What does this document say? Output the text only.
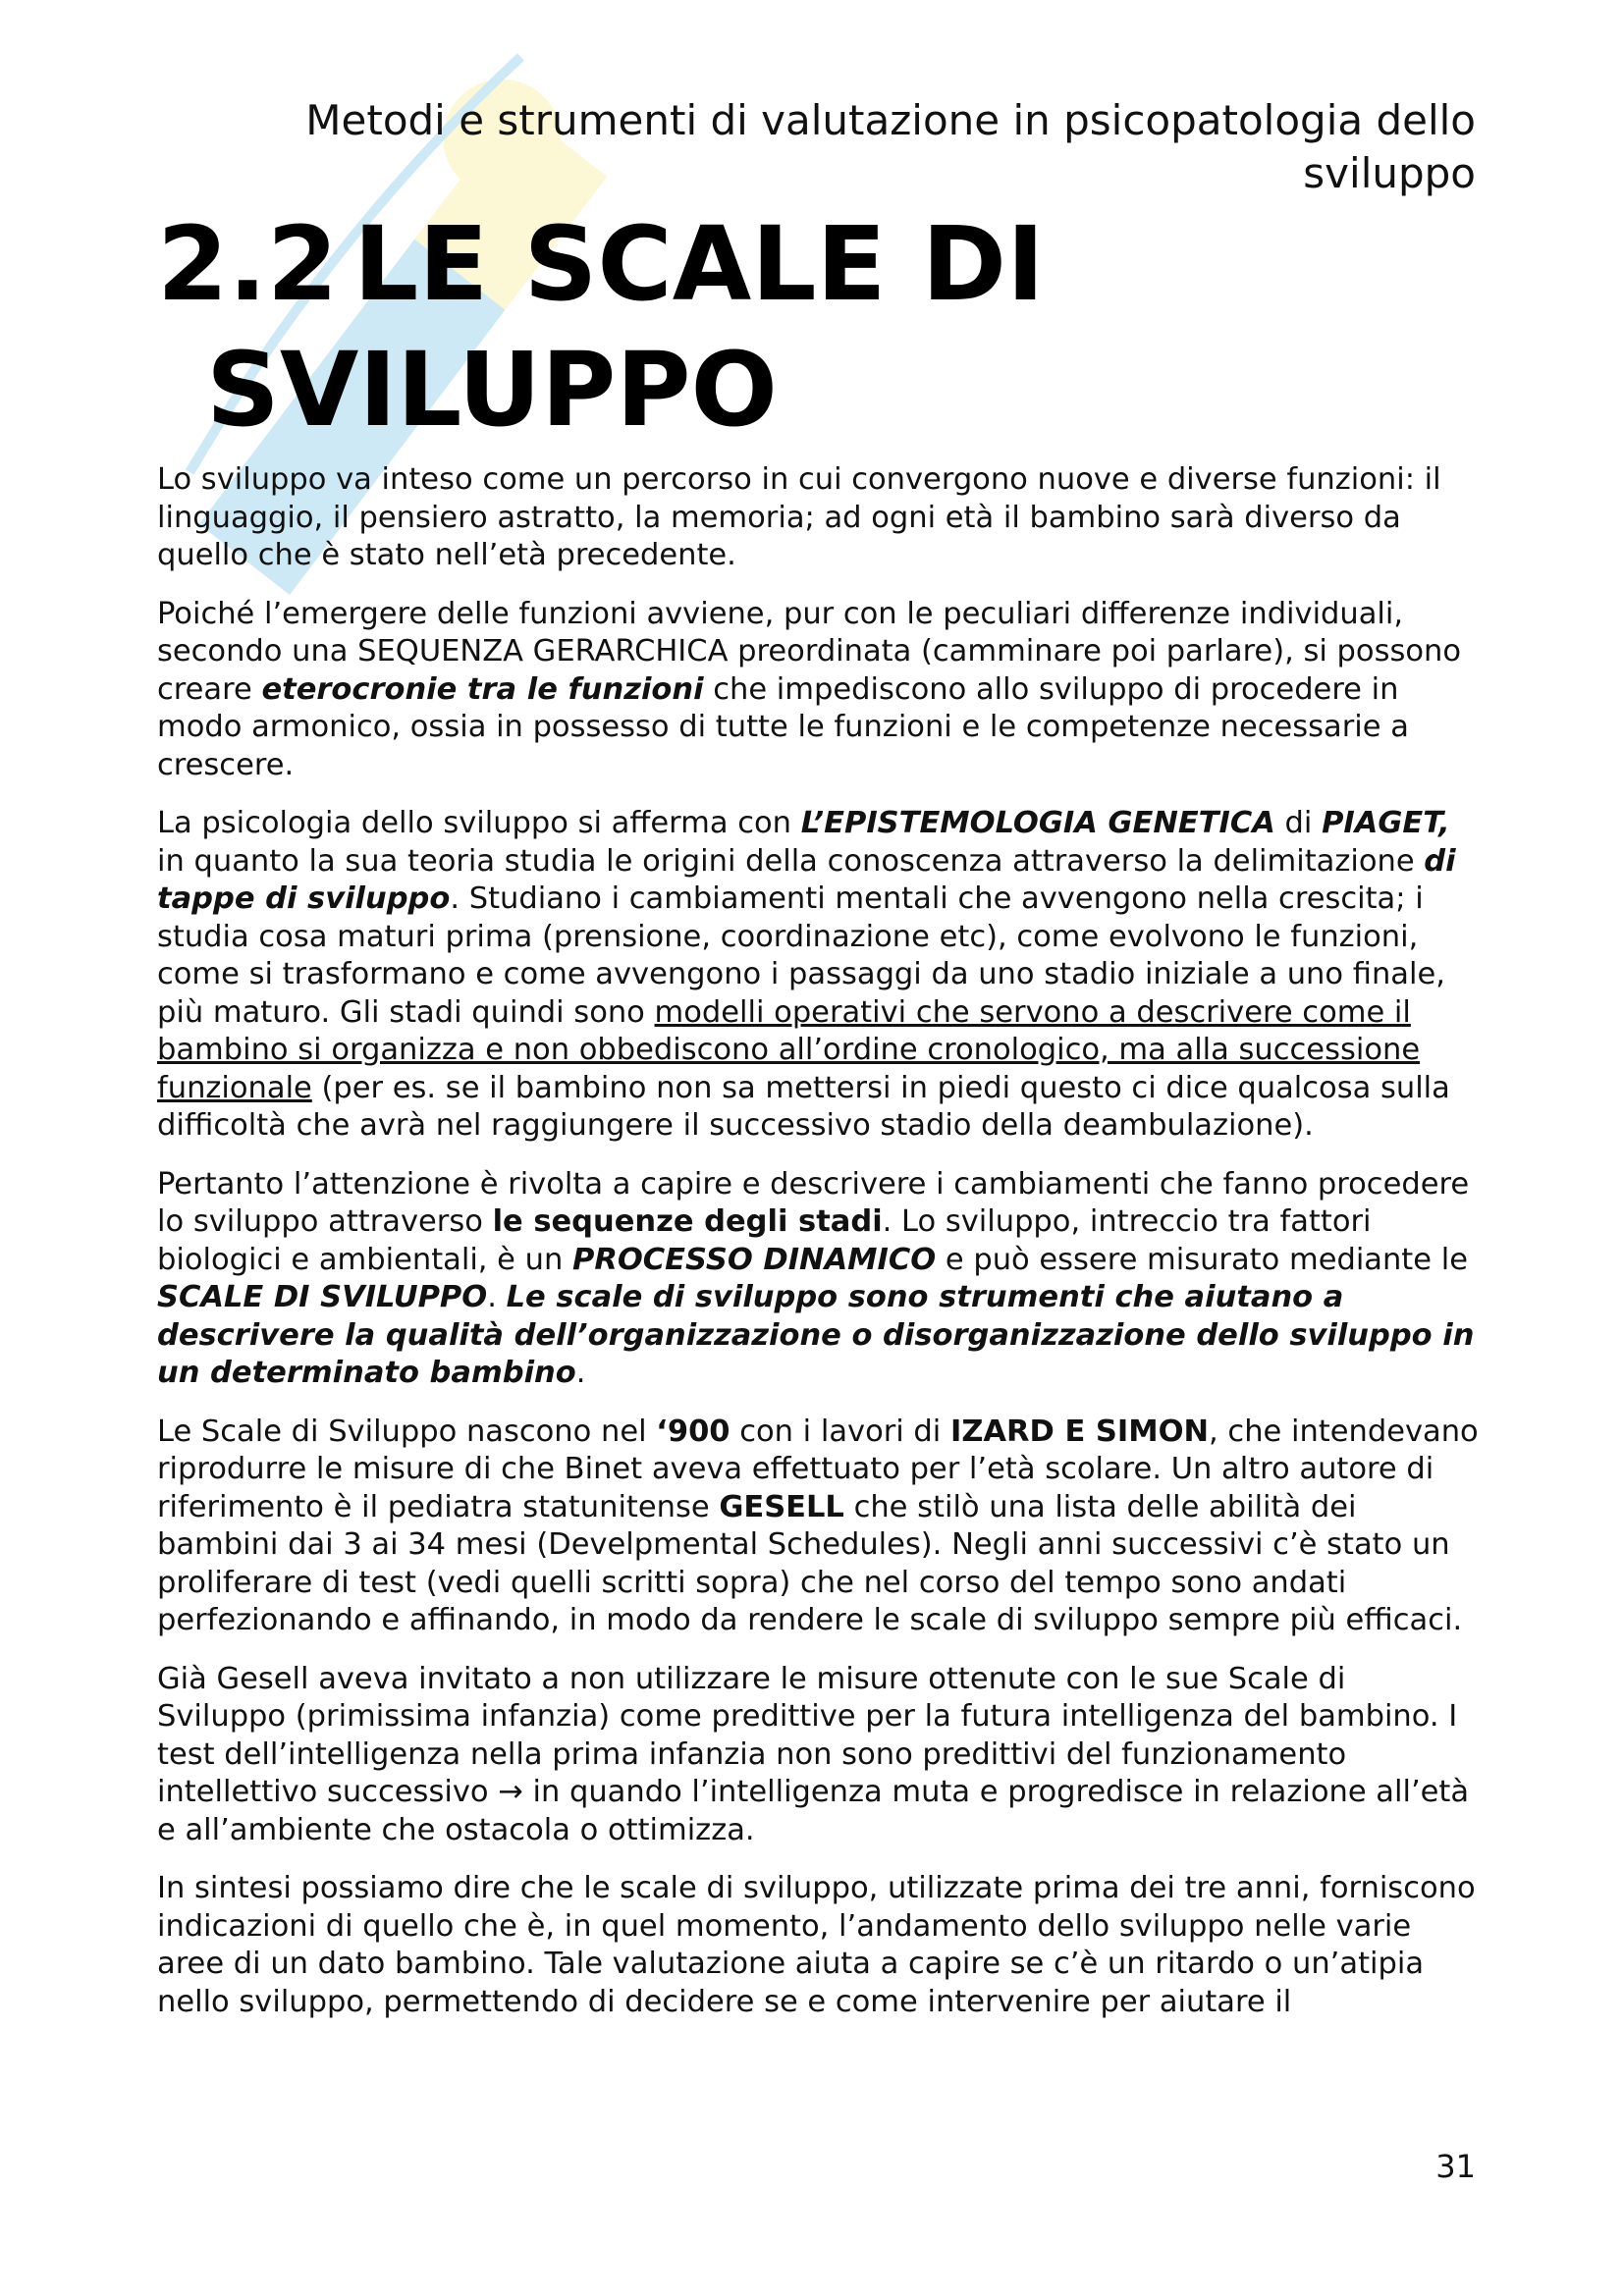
Metodi e strumenti di valutazione in psicopatologia dello
sviluppo
2.2 LE SCALE DI
SVILUPPO

Lo sviluppo va inteso come un percorso in cui convergono nuove e diverse funzioni: il linguaggio, il pensiero astratto, la memoria; ad ogni età il bambino sarà diverso da quello che è stato nell’età precedente.

Poiché l’emergere delle funzioni avviene, pur con le peculiari differenze individuali, secondo una SEQUENZA GERARCHICA preordinata (camminare poi parlare), si possono creare eterocronie tra le funzioni che impediscono allo sviluppo di procedere in modo armonico, ossia in possesso di tutte le funzioni e le competenze necessarie a crescere.

La psicologia dello sviluppo si afferma con L’EPISTEMOLOGIA GENETICA di PIAGET, in quanto la sua teoria studia le origini della conoscenza attraverso la delimitazione di tappe di sviluppo. Studiano i cambiamenti mentali che avvengono nella crescita; i studia cosa maturi prima (prensione, coordinazione etc), come evolvono le funzioni, come si trasformano e come avvengono i passaggi da uno stadio iniziale a uno finale, più maturo. Gli stadi quindi sono modelli operativi che servono a descrivere come il bambino si organizza e non obbediscono all’ordine cronologico, ma alla successione funzionale (per es. se il bambino non sa mettersi in piedi questo ci dice qualcosa sulla difficoltà che avrà nel raggiungere il successivo stadio della deambulazione).

Pertanto l’attenzione è rivolta a capire e descrivere i cambiamenti che fanno procedere lo sviluppo attraverso le sequenze degli stadi. Lo sviluppo, intreccio tra fattori biologici e ambientali, è un PROCESSO DINAMICO e può essere misurato mediante le SCALE DI SVILUPPO. Le scale di sviluppo sono strumenti che aiutano a descrivere la qualità dell’organizzazione o disorganizzazione dello sviluppo in un determinato bambino.

Le Scale di Sviluppo nascono nel ‘900 con i lavori di IZARD E SIMON, che intendevano riprodurre le misure di che Binet aveva effettuato per l’età scolare. Un altro autore di riferimento è il pediatra statunitense GESELL che stilò una lista delle abilità dei bambini dai 3 ai 34 mesi (Develpmental Schedules). Negli anni successivi c’è stato un proliferare di test (vedi quelli scritti sopra) che nel corso del tempo sono andati perfezionando e affinando, in modo da rendere le scale di sviluppo sempre più efficaci.

Già Gesell aveva invitato a non utilizzare le misure ottenute con le sue Scale di Sviluppo (primissima infanzia) come predittive per la futura intelligenza del bambino. I test dell’intelligenza nella prima infanzia non sono predittivi del funzionamento intellettivo successivo → in quando l’intelligenza muta e progredisce in relazione all’età e all’ambiente che ostacola o ottimizza.

In sintesi possiamo dire che le scale di sviluppo, utilizzate prima dei tre anni, forniscono indicazioni di quello che è, in quel momento, l’andamento dello sviluppo nelle varie aree di un dato bambino. Tale valutazione aiuta a capire se c’è un ritardo o un’atipia nello sviluppo, permettendo di decidere se e come intervenire per aiutare il

31
